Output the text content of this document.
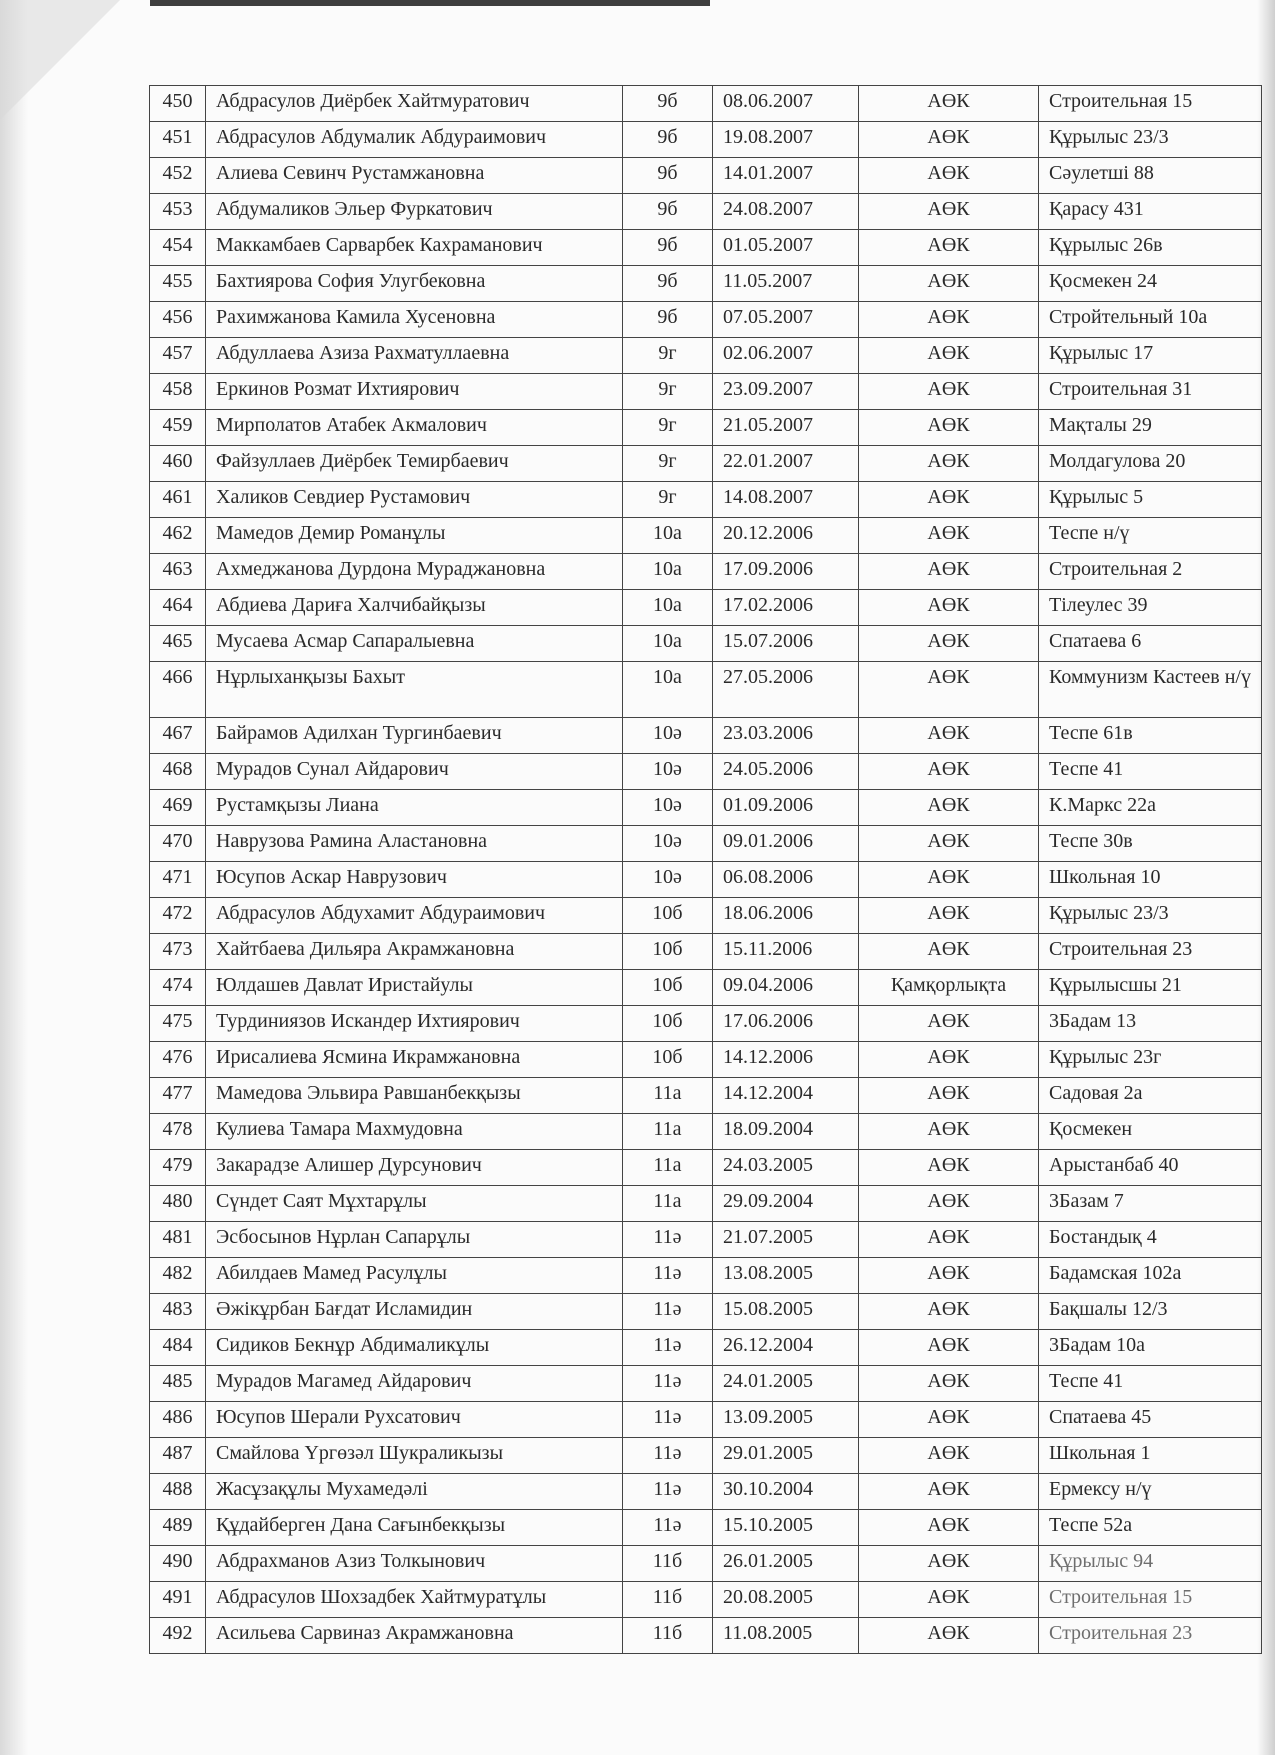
450	Абдрасулов Диёрбек Хайтмуратович	9б	08.06.2007	АӨК	Строительная 15
451	Абдрасулов Абдумалик Абдураимович	9б	19.08.2007	АӨК	Құрылыс 23/3
452	Алиева Севинч Рустамжановна	9б	14.01.2007	АӨК	Сәулетші 88
453	Абдумаликов Эльер Фуркатович	9б	24.08.2007	АӨК	Қарасу 431
454	Маккамбаев Сарварбек Кахраманович	9б	01.05.2007	АӨК	Құрылыс 26в
455	Бахтиярова София Улугбековна	9б	11.05.2007	АӨК	Қосмекен 24
456	Рахимжанова Камила Хусеновна	9б	07.05.2007	АӨК	Стройтельный 10а
457	Абдуллаева Азиза Рахматуллаевна	9г	02.06.2007	АӨК	Құрылыс 17
458	Еркинов Розмат Ихтиярович	9г	23.09.2007	АӨК	Строительная 31
459	Мирполатов Атабек Акмалович	9г	21.05.2007	АӨК	Мақталы 29
460	Файзуллаев Диёрбек Темирбаевич	9г	22.01.2007	АӨК	Молдагулова 20
461	Халиков Севдиер Рустамович	9г	14.08.2007	АӨК	Құрылыс 5
462	Мамедов Демир Романұлы	10а	20.12.2006	АӨК	Теспе н/ү
463	Ахмеджанова Дурдона Мураджановна	10а	17.09.2006	АӨК	Строительная 2
464	Абдиева Дариға Халчибайқызы	10а	17.02.2006	АӨК	Тілеулес 39
465	Мусаева Асмар Сапаралыевна	10а	15.07.2006	АӨК	Спатаева 6
466	Нұрлыханқызы Бахыт	10а	27.05.2006	АӨК	Коммунизм Кастеев н/ү
467	Байрамов Адилхан Тургинбаевич	10ә	23.03.2006	АӨК	Теспе 61в
468	Мурадов Сунал Айдарович	10ә	24.05.2006	АӨК	Теспе 41
469	Рустамқызы Лиана	10ә	01.09.2006	АӨК	К.Маркс 22а
470	Наврузова Рамина Аластановна	10ә	09.01.2006	АӨК	Теспе 30в
471	Юсупов Аскар Наврузович	10ә	06.08.2006	АӨК	Школьная 10
472	Абдрасулов Абдухамит Абдураимович	10б	18.06.2006	АӨК	Құрылыс 23/3
473	Хайтбаева Дильяра Акрамжановна	10б	15.11.2006	АӨК	Строительная 23
474	Юлдашев Давлат Иристайулы	10б	09.04.2006	Қамқорлықта	Құрылысшы 21
475	Турдиниязов Искандер Ихтиярович	10б	17.06.2006	АӨК	3Бадам 13
476	Ирисалиева Ясмина Икрамжановна	10б	14.12.2006	АӨК	Құрылыс 23г
477	Мамедова Эльвира Равшанбекқызы	11а	14.12.2004	АӨК	Садовая 2а
478	Кулиева Тамара Махмудовна	11а	18.09.2004	АӨК	Қосмекен
479	Закарадзе Алишер Дурсунович	11а	24.03.2005	АӨК	Арыстанбаб 40
480	Сүндет Саят Мұхтарұлы	11а	29.09.2004	АӨК	3Базам 7
481	Эсбосынов Нұрлан Сапарұлы	11ә	21.07.2005	АӨК	Бостандық 4
482	Абилдаев Мамед Расулұлы	11ә	13.08.2005	АӨК	Бадамская 102а
483	Әжікұрбан Бағдат Исламидин	11ә	15.08.2005	АӨК	Бақшалы 12/3
484	Сидиков Бекнұр Абдималикұлы	11ә	26.12.2004	АӨК	3Бадам 10а
485	Мурадов Магамед Айдарович	11ә	24.01.2005	АӨК	Теспе 41
486	Юсупов Шерали Рухсатович	11ә	13.09.2005	АӨК	Спатаева 45
487	Смайлова Үргөзәл Шукраликызы	11ә	29.01.2005	АӨК	Школьная 1
488	Жасұзақұлы Мухамедәлі	11ә	30.10.2004	АӨК	Ермексу н/ү
489	Құдайберген Дана Сағынбекқызы	11ә	15.10.2005	АӨК	Теспе 52а
490	Абдрахманов Азиз Толкынович	11б	26.01.2005	АӨК	Құрылыс 94
491	Абдрасулов Шохзадбек Хайтмуратұлы	11б	20.08.2005	АӨК	Строительная 15
492	Асильева Сарвиназ Акрамжановна	11б	11.08.2005	АӨК	Строительная 23
